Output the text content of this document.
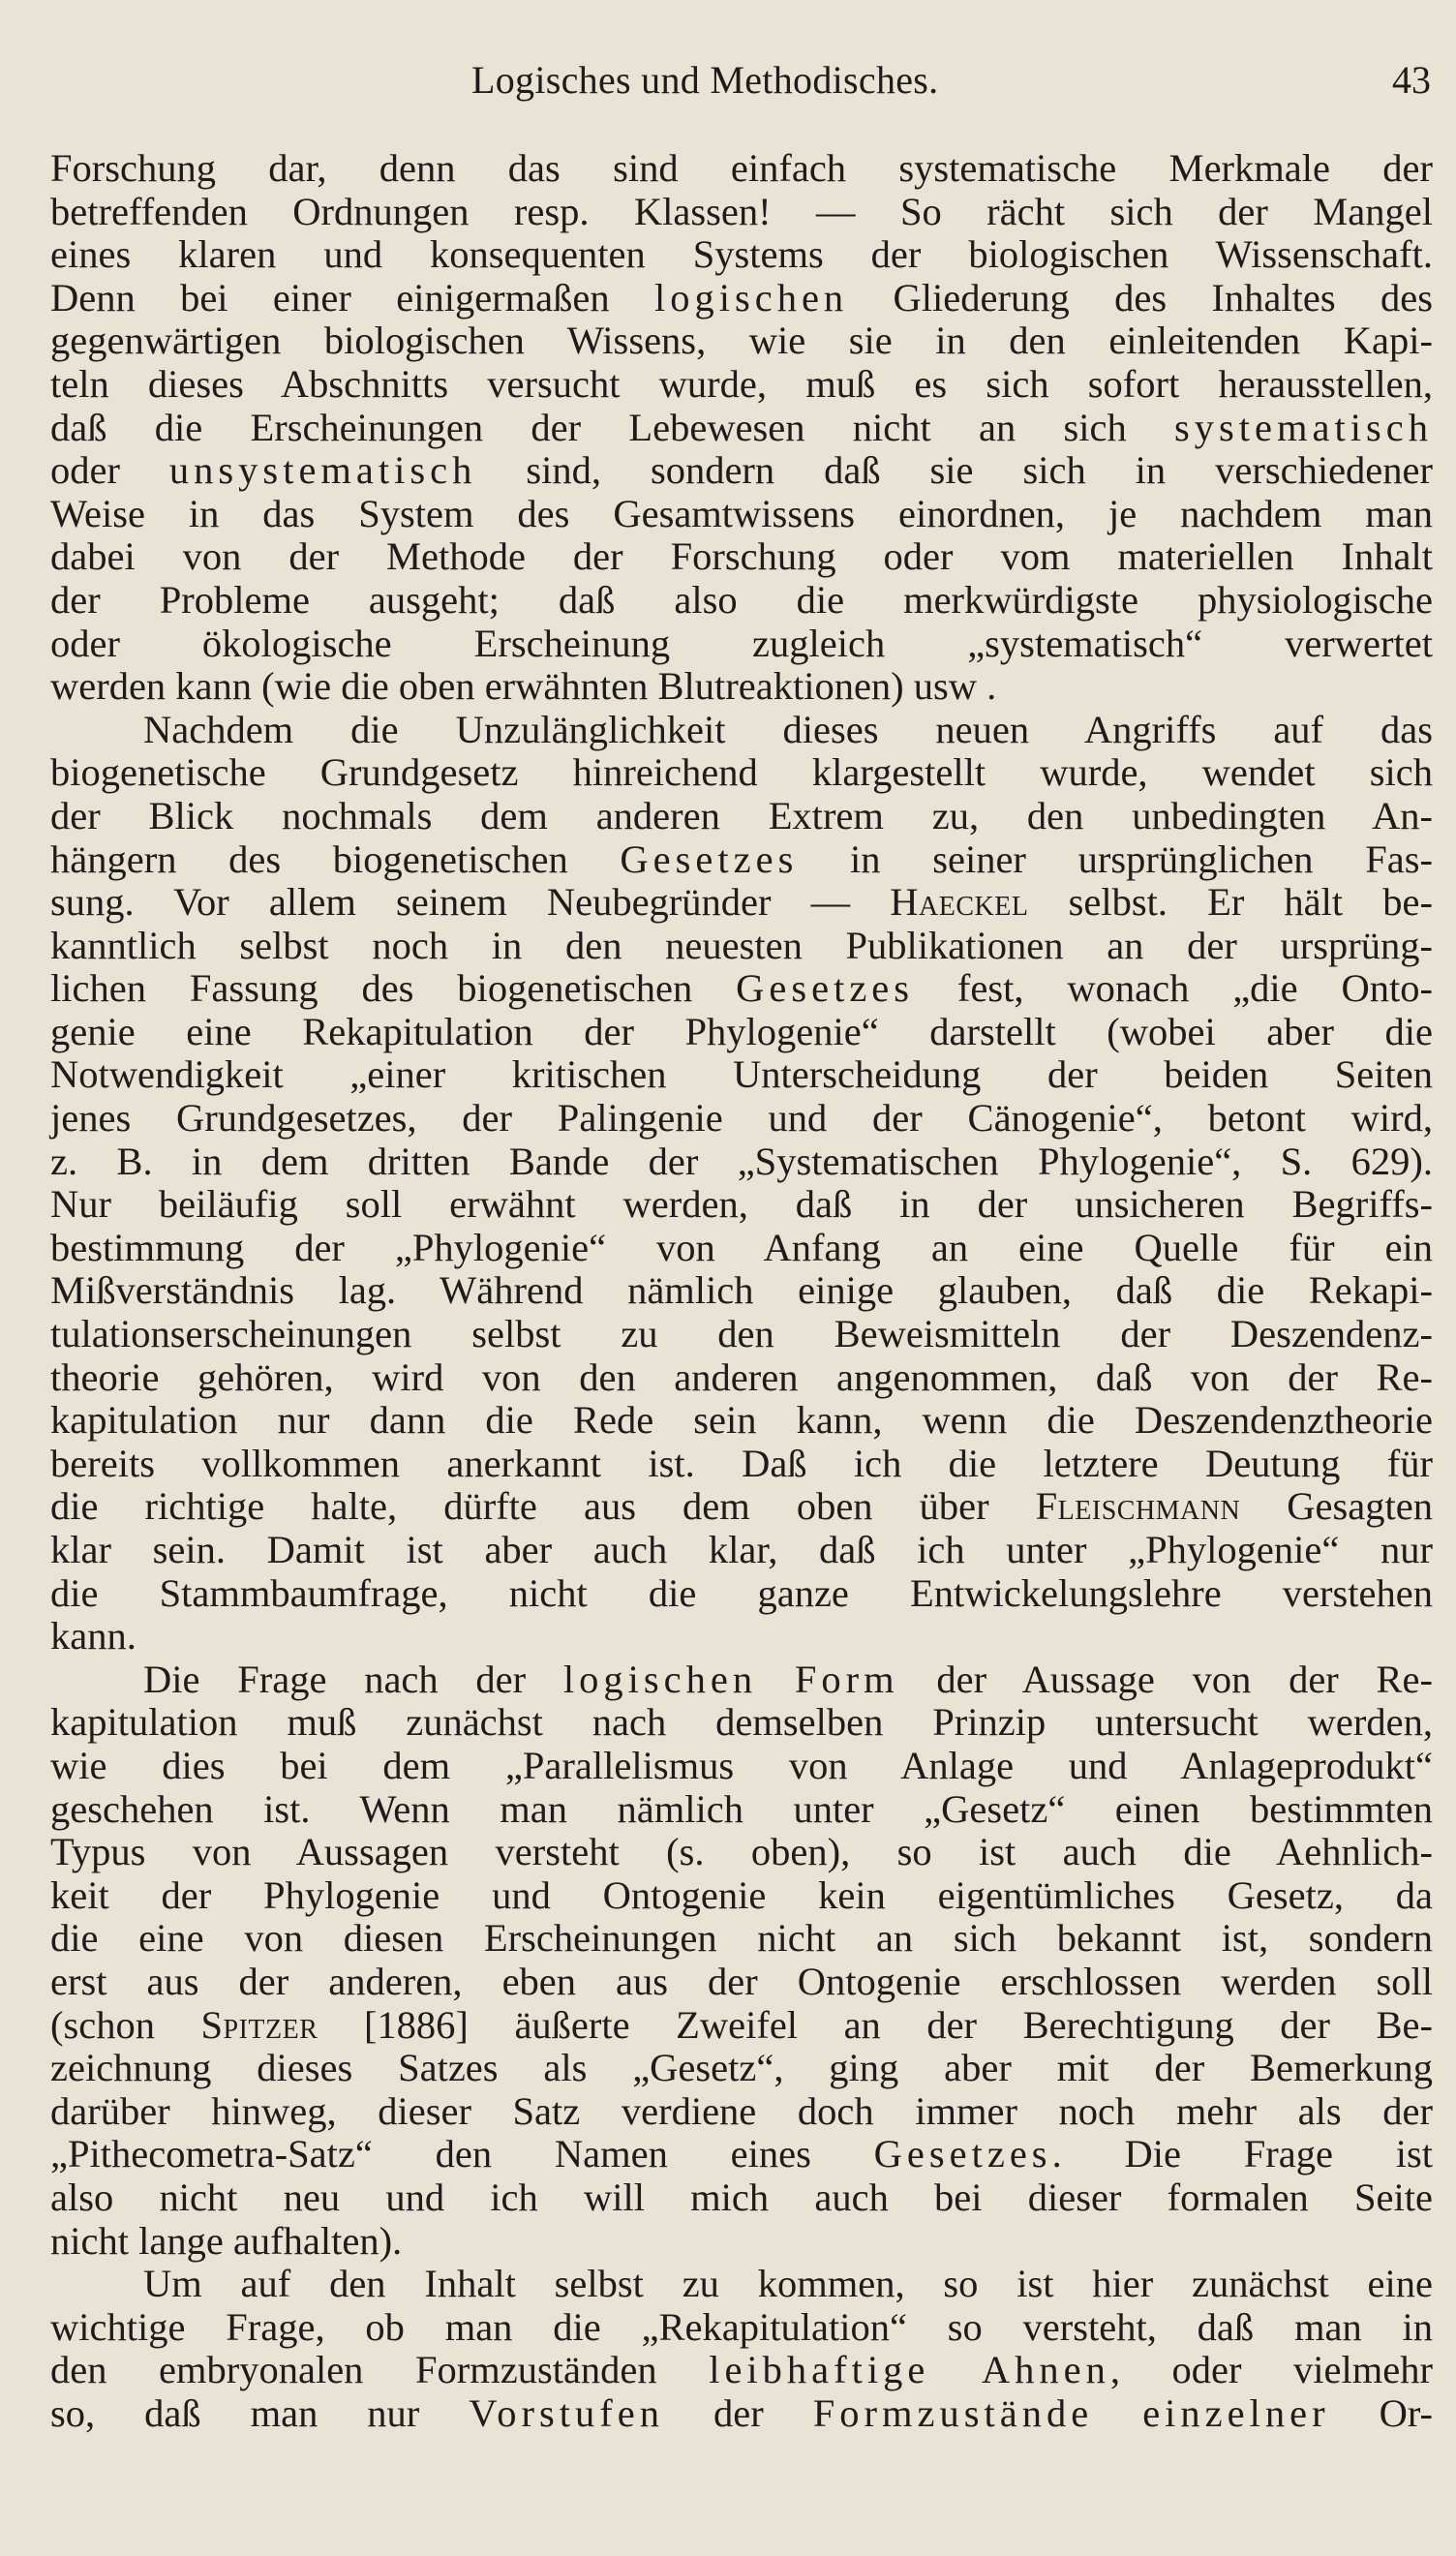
Logisches und Methodisches.	43
Forschung dar, denn das sind einfach systematische Merkmale der
betreffenden Ordnungen resp. Klassen! — So rächt sich der Mangel
eines klaren und konsequenten Systems der biologischen Wissenschaft.
Denn bei einer einigermaßen logischen Gliederung des Inhaltes des
gegenwärtigen biologischen Wissens, wie sie in den einleitenden Kapi-
teln dieses Abschnitts versucht wurde, muß es sich sofort herausstellen,
daß die Erscheinungen der Lebewesen nicht an sich systematisch
oder unsystematisch sind, sondern daß sie sich in verschiedener
Weise in das System des Gesamtwissens einordnen, je nachdem man
dabei von der Methode der Forschung oder vom materiellen Inhalt
der Probleme ausgeht; daß also die merkwürdigste physiologische
oder ökologische Erscheinung zugleich „systematisch“ verwertet
werden kann (wie die oben erwähnten Blutreaktionen) usw .
Nachdem die Unzulänglichkeit dieses neuen Angriffs auf das
biogenetische Grundgesetz hinreichend klargestellt wurde, wendet sich
der Blick nochmals dem anderen Extrem zu, den unbedingten An-
hängern des biogenetischen Gesetzes in seiner ursprünglichen Fas-
sung. Vor allem seinem Neubegründer — Haeckel selbst. Er hält be-
kanntlich selbst noch in den neuesten Publikationen an der ursprüng-
lichen Fassung des biogenetischen Gesetzes fest, wonach „die Onto-
genie eine Rekapitulation der Phylogenie“ darstellt (wobei aber die
Notwendigkeit „einer kritischen Unterscheidung der beiden Seiten
jenes Grundgesetzes, der Palingenie und der Cänogenie“, betont wird,
z. B. in dem dritten Bande der „Systematischen Phylogenie“, S. 629).
Nur beiläufig soll erwähnt werden, daß in der unsicheren Begriffs-
bestimmung der „Phylogenie“ von Anfang an eine Quelle für ein
Mißverständnis lag. Während nämlich einige glauben, daß die Rekapi-
tulationserscheinungen selbst zu den Beweismitteln der Deszendenz-
theorie gehören, wird von den anderen angenommen, daß von der Re-
kapitulation nur dann die Rede sein kann, wenn die Deszendenztheorie
bereits vollkommen anerkannt ist. Daß ich die letztere Deutung für
die richtige halte, dürfte aus dem oben über Fleischmann Gesagten
klar sein. Damit ist aber auch klar, daß ich unter „Phylogenie“ nur
die Stammbaumfrage, nicht die ganze Entwickelungslehre verstehen
kann.
Die Frage nach der logischen Form der Aussage von der Re-
kapitulation muß zunächst nach demselben Prinzip untersucht werden,
wie dies bei dem „Parallelismus von Anlage und Anlageprodukt“
geschehen ist. Wenn man nämlich unter „Gesetz“ einen bestimmten
Typus von Aussagen versteht (s. oben), so ist auch die Aehnlich-
keit der Phylogenie und Ontogenie kein eigentümliches Gesetz, da
die eine von diesen Erscheinungen nicht an sich bekannt ist, sondern
erst aus der anderen, eben aus der Ontogenie erschlossen werden soll
(schon Spitzer [1886] äußerte Zweifel an der Berechtigung der Be-
zeichnung dieses Satzes als „Gesetz“, ging aber mit der Bemerkung
darüber hinweg, dieser Satz verdiene doch immer noch mehr als der
„Pithecometra-Satz“ den Namen eines Gesetzes. Die Frage ist
also nicht neu und ich will mich auch bei dieser formalen Seite
nicht lange aufhalten).
Um auf den Inhalt selbst zu kommen, so ist hier zunächst eine
wichtige Frage, ob man die „Rekapitulation“ so versteht, daß man in
den embryonalen Formzuständen leibhaftige Ahnen, oder vielmehr
so, daß man nur Vorstufen der Formzustände einzelner Or-
